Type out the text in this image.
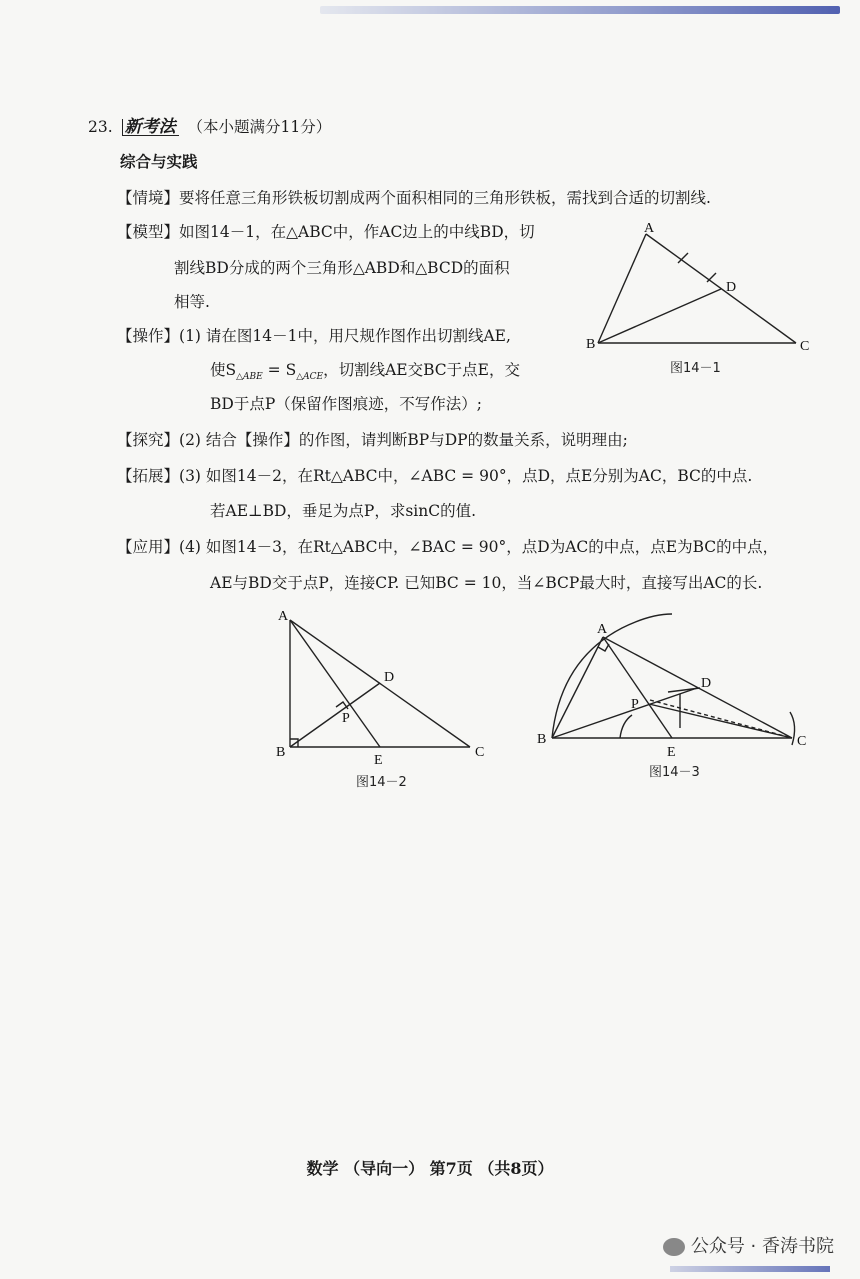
23. 新考法 （本小题满分11分）
综合与实践
【情境】要将任意三角形铁板切割成两个面积相同的三角形铁板，需找到合适的切割线.
【模型】如图14－1，在△ABC中，作AC边上的中线BD，切
割线BD分成的两个三角形△ABD和△BCD的面积
相等.
【操作】(1) 请在图14－1中，用尺规作图作出切割线AE,
使$S_{\triangle ABE} = S_{\triangle ACE}$，切割线AE交BC于点E，交
BD于点P（保留作图痕迹，不写作法）;
【探究】(2) 结合【操作】的作图，请判断BP与DP的数量关系，说明理由;
【拓展】(3) 如图14－2，在Rt△ABC中，∠ABC = 90°，点D，点E分别为AC，BC的中点.
若AE⊥BD，垂足为点P，求sinC的值.
【应用】(4) 如图14－3，在Rt△ABC中，∠BAC = 90°，点D为AC的中点，点E为BC的中点，
AE与BD交于点P，连接CP. 已知BC = 10，当∠BCP最大时，直接写出AC的长.
A
B	C
D
图14－1
A
B	C
D
E
P
图14－2
A
B	C
D
E
P
图14－3
数学 （导向一） 第7页 （共8页）
公众号 · 香涛书院
